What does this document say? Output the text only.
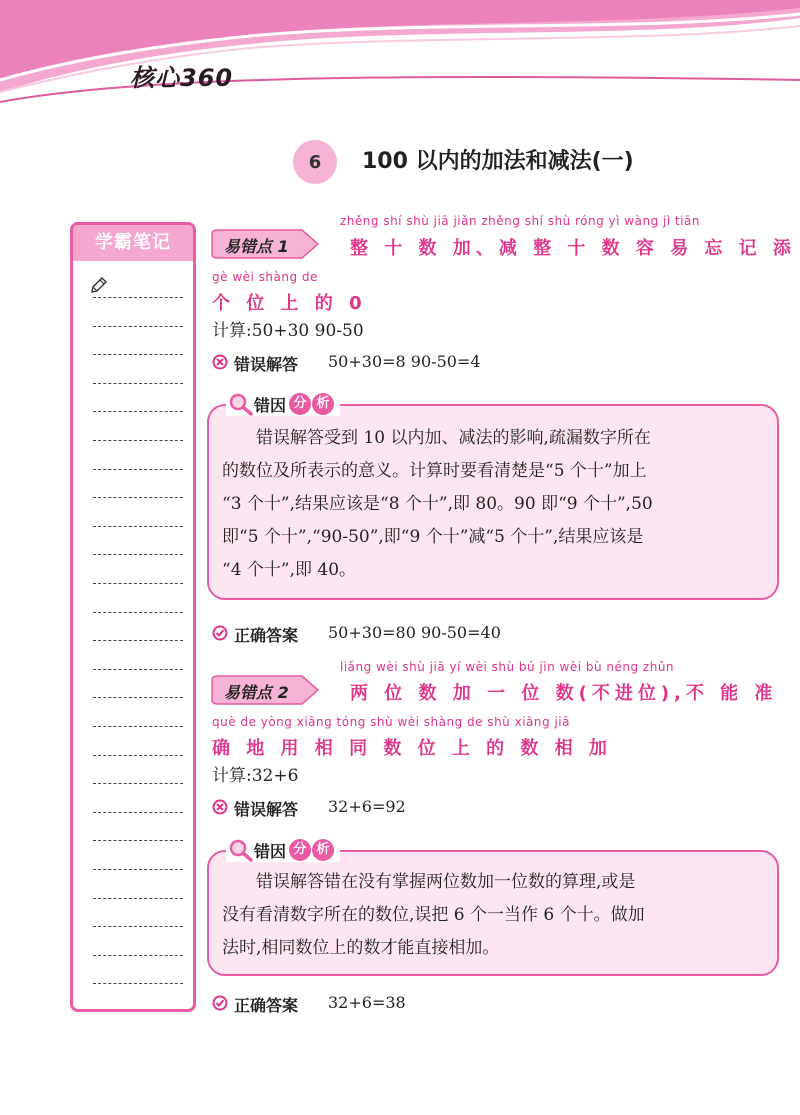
核心360
6	100 以内的加法和减法(一)
学霸笔记	易错点 1
zhěng shí shù jiā jiǎn zhěng shí shù róng yì wàng jì tiān
整 十 数 加、减 整 十 数 容 易 忘 记 添
gè wèi shàng de
个 位 上 的 0
计算:50+30 90-50
错误解答 50+30=8 90-50=4
错因 分 析

错误解答受到 10 以内加、减法的影响,疏漏数字所在

的数位及所表示的意义。计算时要看清楚是“5 个十”加上

“3 个十”,结果应该是“8 个十”,即 80。90 即“9 个十”,50

即“5 个十”,“90-50”,即“9 个十”减“5 个十”,结果应该是

“4 个十”,即 40。

正确答案 50+30=80 90-50=40
易错点 2
liǎng wèi shù jiā yí wèi shù bú jìn wèi bù néng zhǔn
两 位 数 加 一 位 数(不进位),不 能 准
què de yòng xiāng tóng shù wèi shàng de shù xiāng jiā
确 地 用 相 同 数 位 上 的 数 相 加
计算:32+6
错误解答 32+6=92
错因 分 析

错误解答错在没有掌握两位数加一位数的算理,或是

没有看清数字所在的数位,误把 6 个一当作 6 个十。做加

法时,相同数位上的数才能直接相加。

正确答案 32+6=38
